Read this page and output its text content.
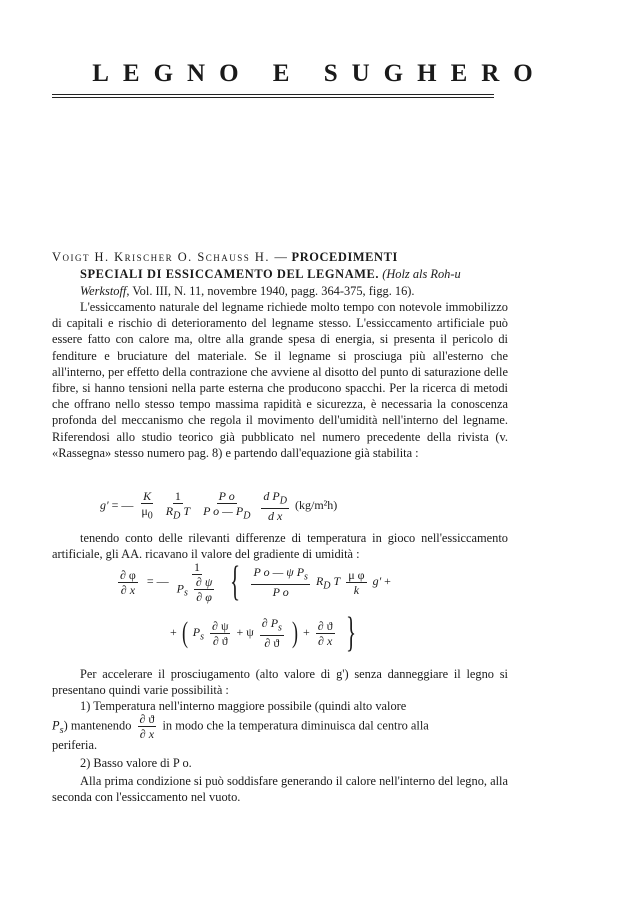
LEGNO E SUGHERO
Voigt H. Krischer O. Schauss H. — PROCEDIMENTI
SPECIALI DI ESSICCAMENTO DEL LEGNAME. (Holz als Roh-u Werkstoff, Vol. III, N. 11, novembre 1940, pagg. 364-375, figg. 16).
L'essiccamento naturale del legname richiede molto tempo con notevole immobilizzo di capitali e rischio di deterioramento del legname stesso. L'essiccamento artificiale può essere fatto con calore ma, oltre alla grande spesa di energia, si presenta il pericolo di fenditure e bruciature del materiale. Se il legname si prosciuga più all'esterno che all'interno, per effetto della contrazione che avviene al disotto del punto di saturazione delle fibre, si hanno tensioni nella parte esterna che producono spacchi. Per la ricerca di metodi che offrano nello stesso tempo massima rapidità e sicurezza, è necessaria la conoscenza profonda del meccanismo che regola il movimento dell'umidità nell'interno del legname. Riferendosi allo studio teorico già pubblicato nel numero precedente della rivista (v. «Rassegna» stesso numero pag. 8) e partendo dall'equazione già stabilita :
g' = — $\frac{K}{\mu_0}$
$\frac{1}{R_D T}$
$\frac{\text{P o}}{P o — P_D}$
$\frac{d P_D}{\text{d x}} (kg/m^2h)$
tenendo conto delle rilevanti differenze di temperatura in gioco nell'essiccamento artificiale, gli AA. ricavano il valore del gradiente di umidità :
$\frac{\partial \varphi}{\partial x}$ = — $\frac{1}{P_s \frac{\partial \psi}{\partial \varphi}}$ { $\frac{P o — \psi P_s}{\text{P o}} R_D$ T $\frac{\text{μ φ}}{k} g'$ +
+ ( $P_s \frac{\partial \psi}{\partial ϑ} + \psi \frac{\partial P_s}{\partial ϑ}$ ) + $\frac{\partial ϑ}{\partial x}$ }
Per accelerare il prosciugamento (alto valore di g') senza danneggiare il legno si presentano quindi varie possibilità :
1) Temperatura nell'interno maggiore possibile (quindi alto valore
$P_s$) mantenendo $\frac{\partial ϑ}{\partial x}$ in modo che la temperatura diminuisca dal centro alla
periferia.
2) Basso valore di P o.
Alla prima condizione si può soddisfare generando il calore nell'interno del legno, alla seconda con l'essiccamento nel vuoto.
